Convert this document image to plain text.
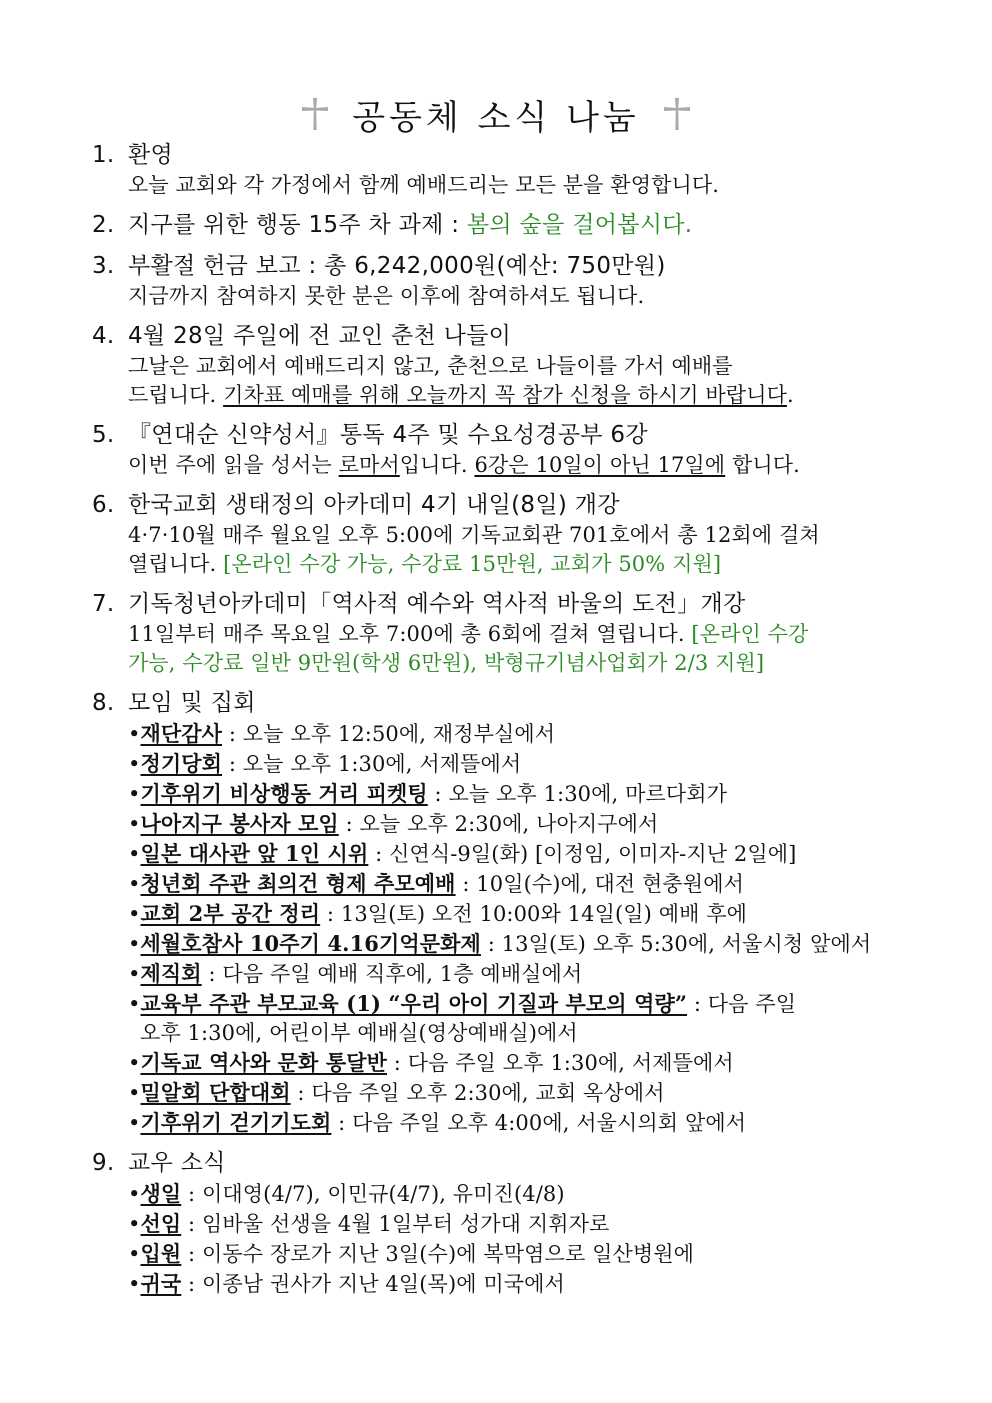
공동체 소식 나눔
1. 환영
오늘 교회와 각 가정에서 함께 예배드리는 모든 분을 환영합니다.
2. 지구를 위한 행동 15주 차 과제 : 봄의 숲을 걸어봅시다.
3. 부활절 헌금 보고 : 총 6,242,000원(예산: 750만원)
지금까지 참여하지 못한 분은 이후에 참여하셔도 됩니다.
4. 4월 28일 주일에 전 교인 춘천 나들이
그날은 교회에서 예배드리지 않고, 춘천으로 나들이를 가서 예배를
드립니다. 기차표 예매를 위해 오늘까지 꼭 참가 신청을 하시기 바랍니다.
5. 『연대순 신약성서』통독 4주 및 수요성경공부 6강
이번 주에 읽을 성서는 로마서입니다. 6강은 10일이 아닌 17일에 합니다.
6. 한국교회 생태정의 아카데미 4기 내일(8일) 개강
4·7·10월 매주 월요일 오후 5:00에 기독교회관 701호에서 총 12회에 걸쳐
열립니다. [온라인 수강 가능, 수강료 15만원, 교회가 50% 지원]
7. 기독청년아카데미「역사적 예수와 역사적 바울의 도전」개강
11일부터 매주 목요일 오후 7:00에 총 6회에 걸쳐 열립니다. [온라인 수강
가능, 수강료 일반 9만원(학생 6만원), 박형규기념사업회가 2/3 지원]
8. 모임 및 집회
•재단감사 : 오늘 오후 12:50에, 재정부실에서
•정기당회 : 오늘 오후 1:30에, 서제뜰에서
•기후위기 비상행동 거리 피켓팅 : 오늘 오후 1:30에, 마르다회가
•나아지구 봉사자 모임 : 오늘 오후 2:30에, 나아지구에서
•일본 대사관 앞 1인 시위 : 신연식-9일(화) [이정임, 이미자-지난 2일에]
•청년회 주관 최의건 형제 추모예배 : 10일(수)에, 대전 현충원에서
•교회 2부 공간 정리 : 13일(토) 오전 10:00와 14일(일) 예배 후에
•세월호참사 10주기 4.16기억문화제 : 13일(토) 오후 5:30에, 서울시청 앞에서
•제직회 : 다음 주일 예배 직후에, 1층 예배실에서
•교육부 주관 부모교육 (1) “우리 아이 기질과 부모의 역량” : 다음 주일
오후 1:30에, 어린이부 예배실(영상예배실)에서
•기독교 역사와 문화 통달반 : 다음 주일 오후 1:30에, 서제뜰에서
•밀알회 단합대회 : 다음 주일 오후 2:30에, 교회 옥상에서
•기후위기 걷기기도회 : 다음 주일 오후 4:00에, 서울시의회 앞에서
9. 교우 소식
•생일 : 이대영(4/7), 이민규(4/7), 유미진(4/8)
•선임 : 임바울 선생을 4월 1일부터 성가대 지휘자로
•입원 : 이동수 장로가 지난 3일(수)에 복막염으로 일산병원에
•귀국 : 이종남 권사가 지난 4일(목)에 미국에서
